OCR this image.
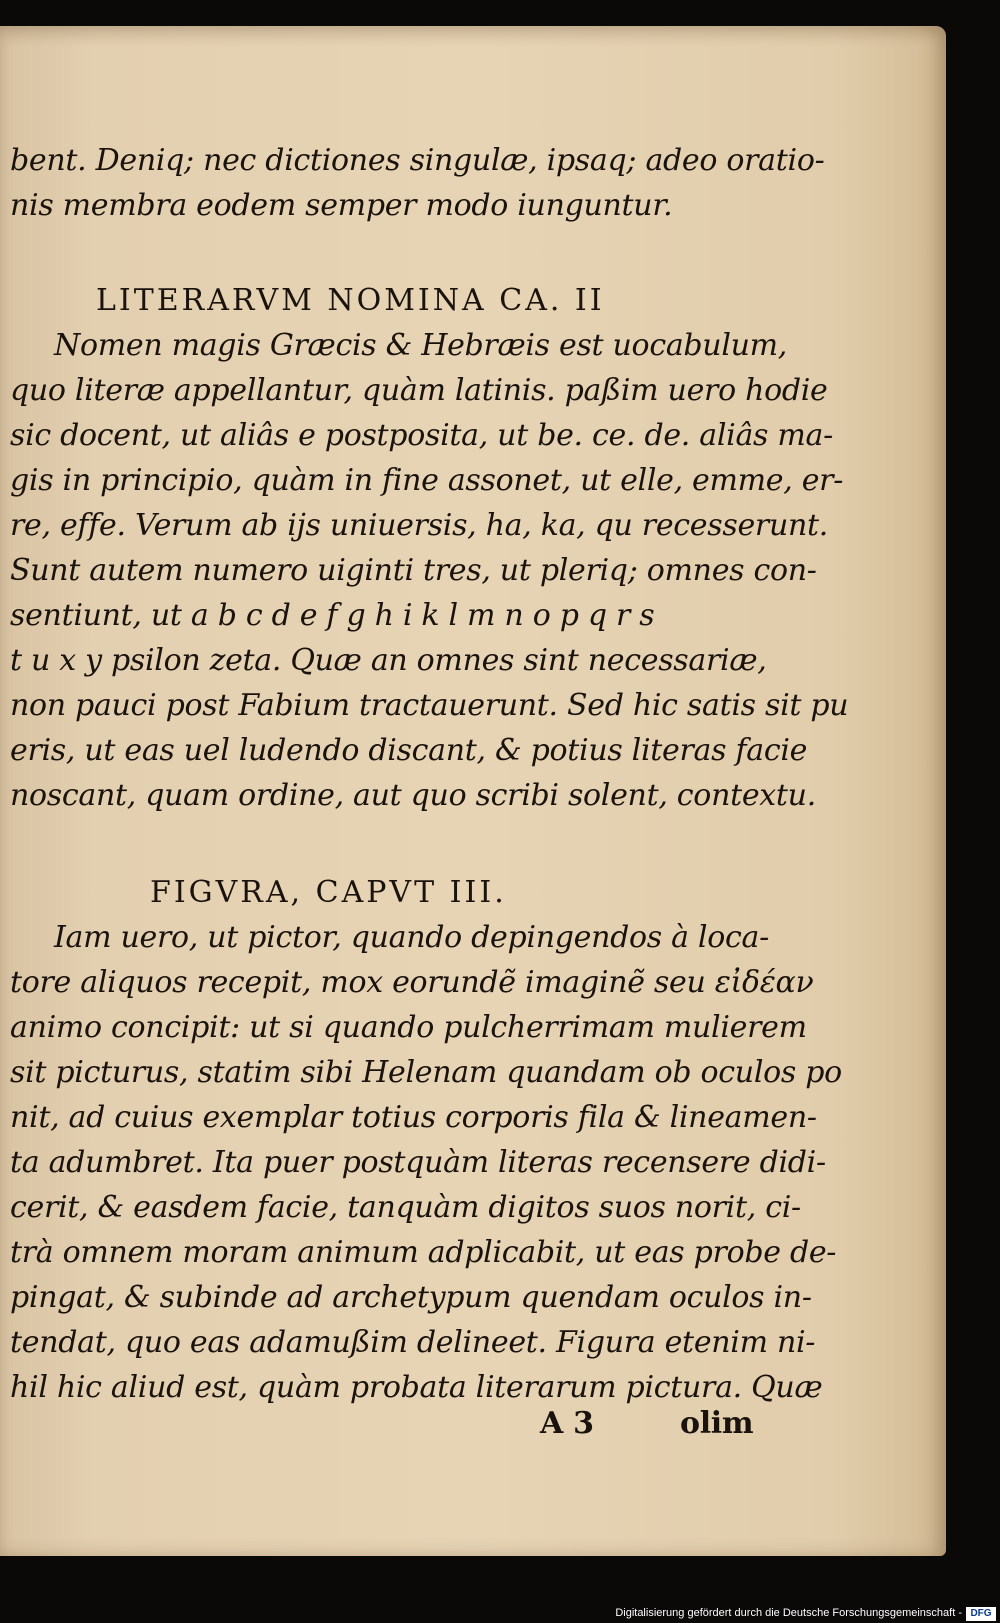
bent. Deniq; nec dictiones singulæ, ipsaq; adeo oratio-
nis membra eodem semper modo iunguntur.
LITERARVM NOMINA CA. II
Nomen magis Græcis & Hebræis est uocabulum,
quo literæ appellantur, quàm latinis. paßim uero hodie
sic docent, ut aliâs e postposita, ut be. ce. de. aliâs ma-
gis in principio, quàm in fine assonet, ut elle, emme, er-
re, effe. Verum ab ijs uniuersis, ha, ka, qu recesserunt.
Sunt autem numero uiginti tres, ut pleriq; omnes con-
sentiunt, ut a b c d e f g h i k l m n o p q r s
t u x y psilon zeta. Quæ an omnes sint necessariæ,
non pauci post Fabium tractauerunt. Sed hic satis sit pu
eris, ut eas uel ludendo discant, & potius literas facie
noscant, quam ordine, aut quo scribi solent, contextu.
FIGVRA, CAPVT III.
Iam uero, ut pictor, quando depingendos à loca-
tore aliquos recepit, mox eorundẽ imaginẽ seu εἰδέαν
animo concipit: ut si quando pulcherrimam mulierem
sit picturus, statim sibi Helenam quandam ob oculos po
nit, ad cuius exemplar totius corporis fila & lineamen-
ta adumbret. Ita puer postquàm literas recensere didi-
cerit, & easdem facie, tanquàm digitos suos norit, ci-
trà omnem moram animum adplicabit, ut eas probe de-
pingat, & subinde ad archetypum quendam oculos in-
tendat, quo eas adamußim delineet. Figura etenim ni-
hil hic aliud est, quàm probata literarum pictura. Quæ
A 3	olim
Digitalisierung gefördert durch die Deutsche Forschungsgemeinschaft - DFG
